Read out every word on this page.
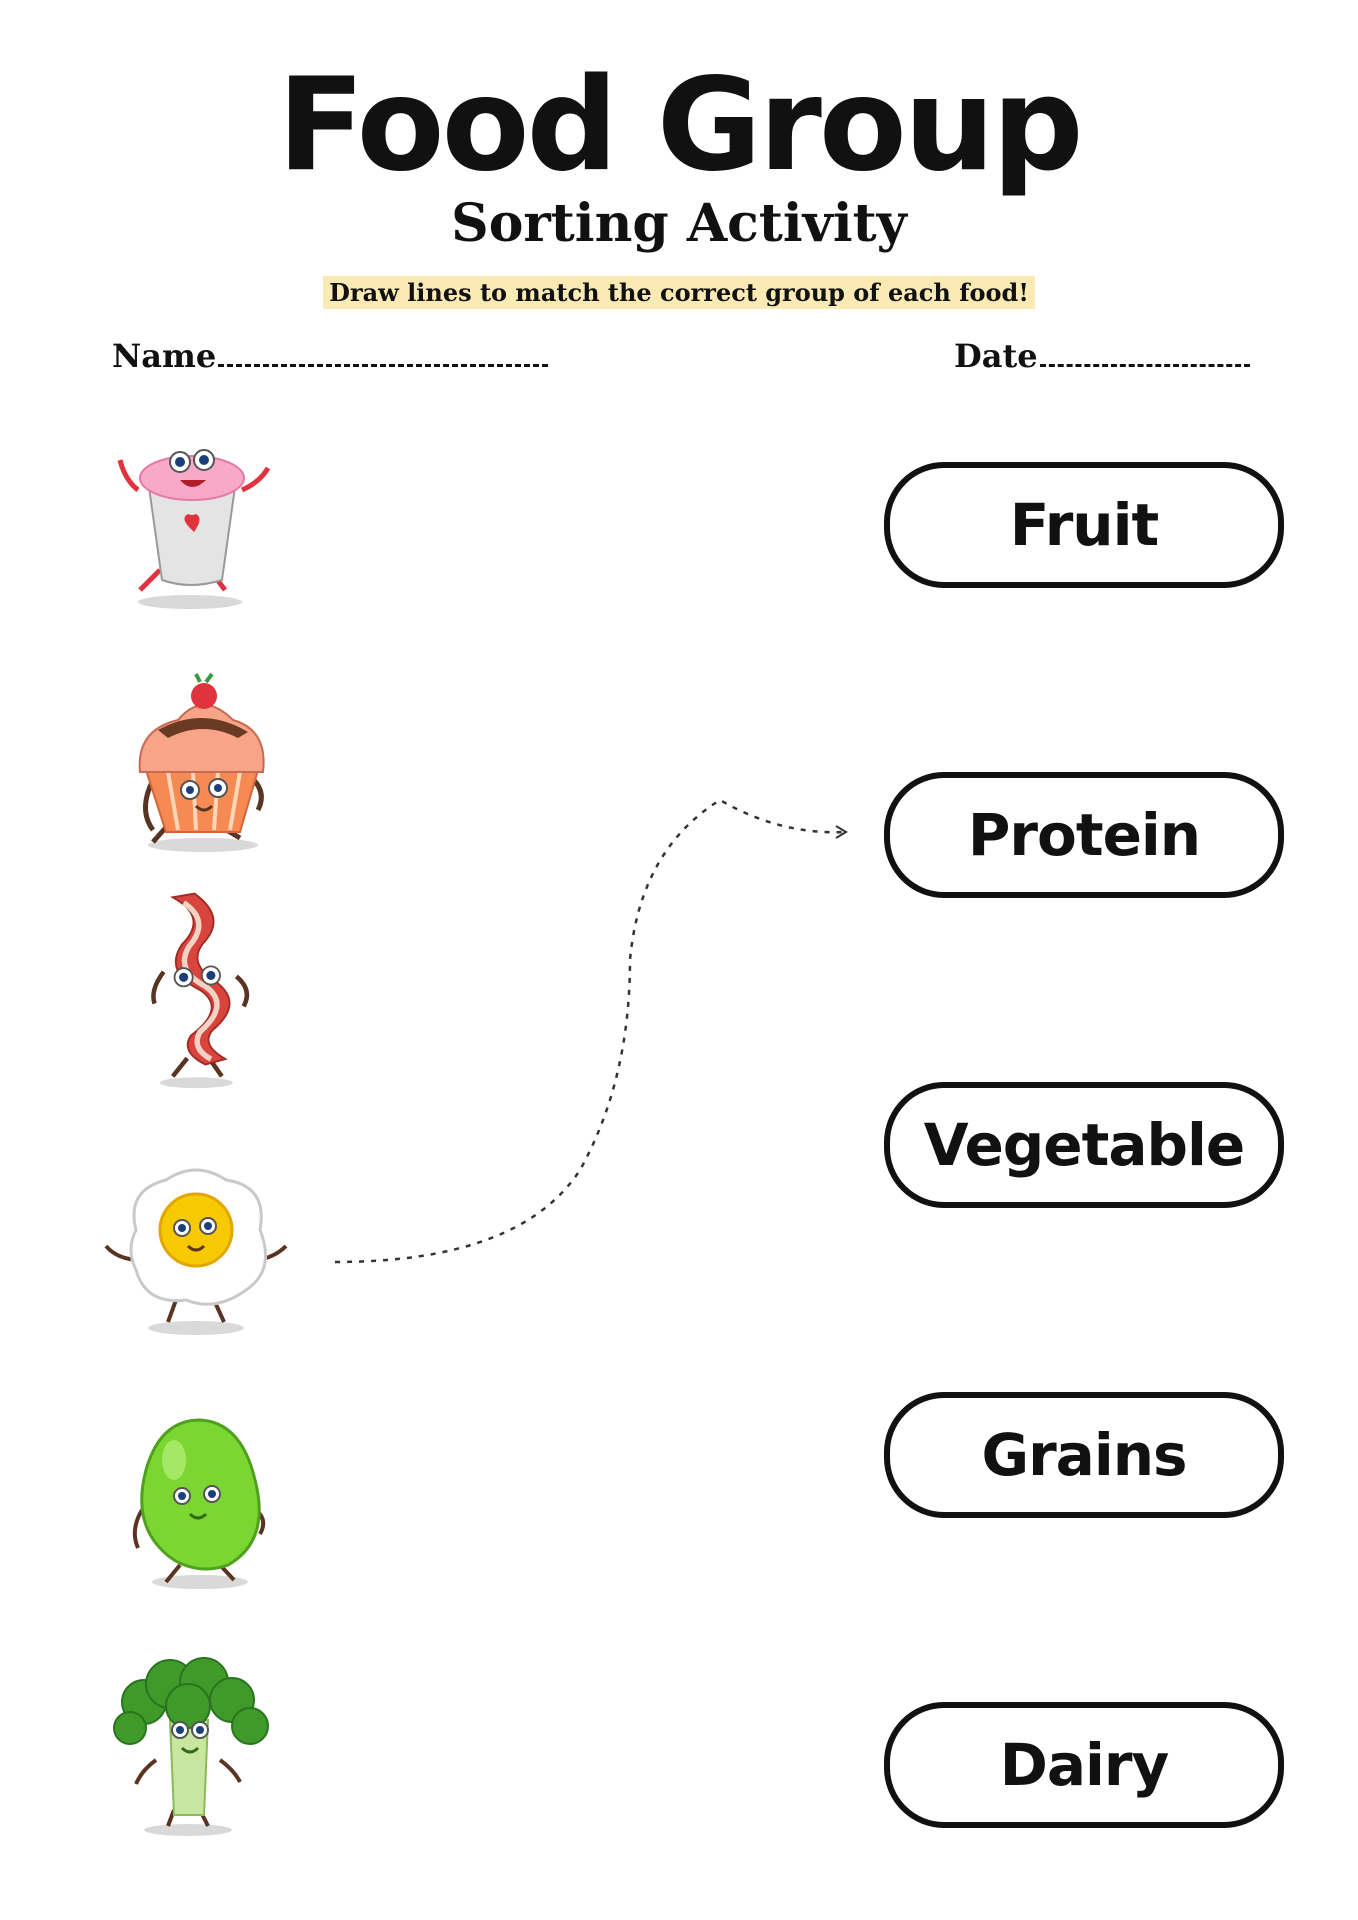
Food Group
Sorting Activity
Draw lines to match the correct group of each food!
Name	Date
Fruit
Protein
Vegetable
Grains
Dairy
